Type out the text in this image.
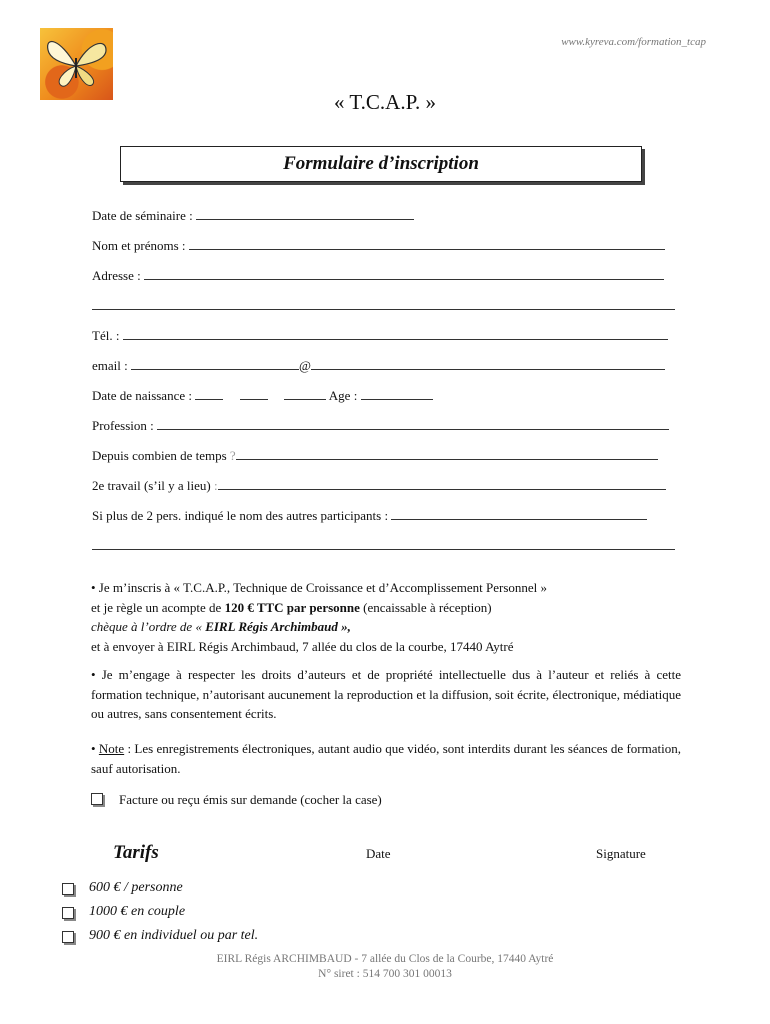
www.kyreva.com/formation_tcap
« T.C.A.P. »
Formulaire d’inscription
Date de séminaire :
Nom et prénoms :
Adresse :
Tél. :
email :	@
Date de naissance :	Age :
Profession :
Depuis combien de temps ?
2e travail (s’il y a lieu) :
Si plus de 2 pers. indiqué le nom des autres participants :
• Je m’inscris à « T.C.A.P., Technique de Croissance et d’Accomplissement Personnel »
et je règle un acompte de 120 € TTC par personne (encaissable à réception)
chèque à l’ordre de « EIRL Régis Archimbaud »,
et à envoyer à EIRL Régis Archimbaud, 7 allée du clos de la courbe, 17440 Aytré
• Je m’engage à respecter les droits d’auteurs et de propriété intellectuelle dus à l’auteur et reliés à cette formation technique, n’autorisant aucunement la reproduction et la diffusion, soit écrite, électronique, médiatique ou autres, sans consentement écrits.
• Note : Les enregistrements électroniques, autant audio que vidéo, sont interdits durant les séances de formation, sauf autorisation.
Facture ou reçu émis sur demande (cocher la case)
Tarifs	Date	Signature
600 € / personne
1000 € en couple
900 € en individuel ou par tel.
EIRL Régis ARCHIMBAUD - 7 allée du Clos de la Courbe, 17440 Aytré
N° siret : 514 700 301 00013
